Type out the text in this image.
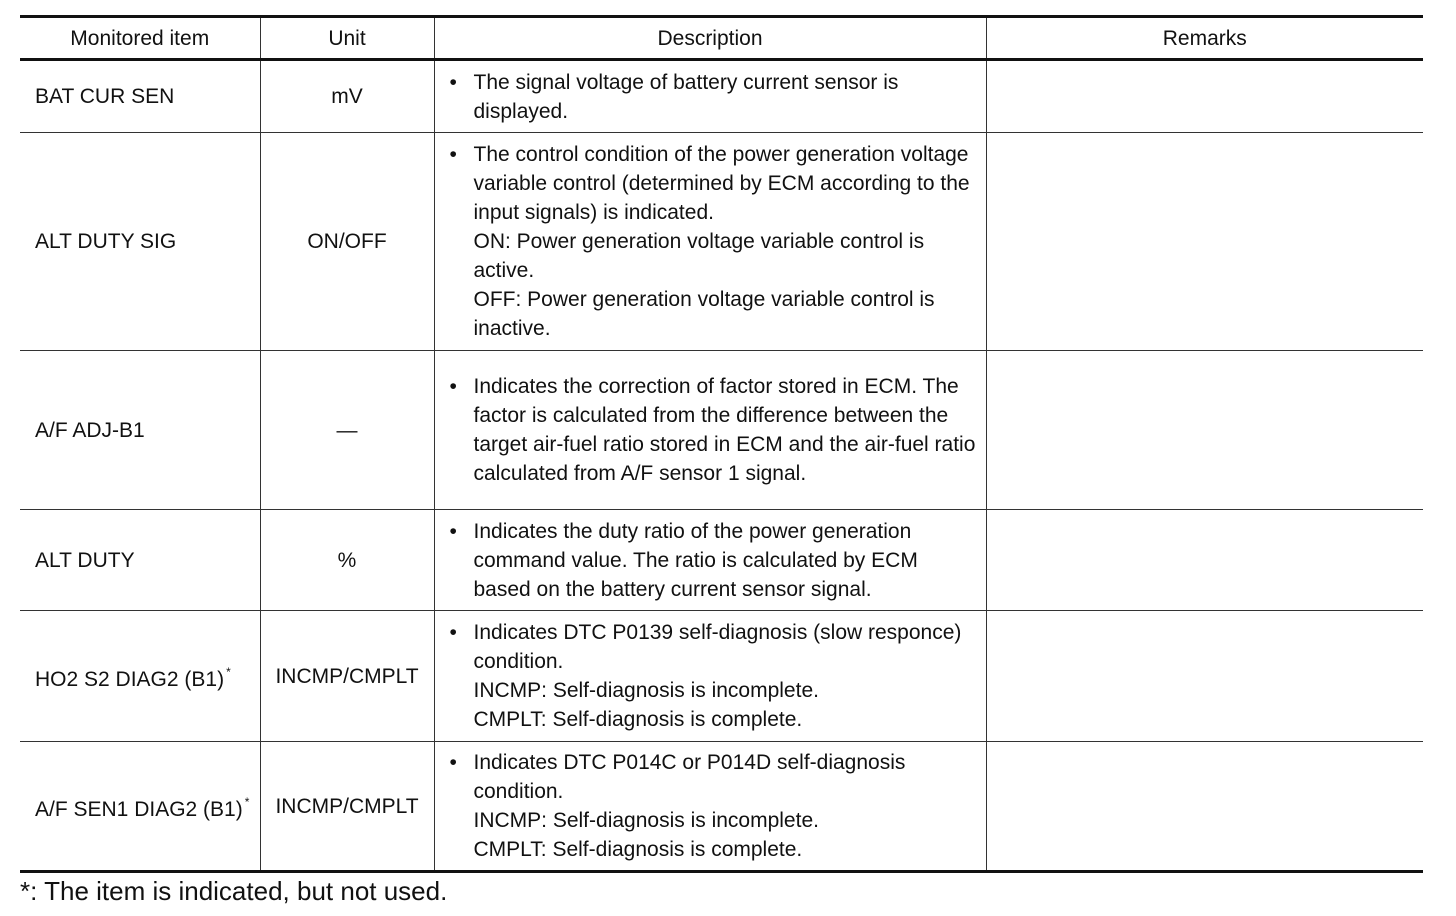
Monitored item	Unit	Description	Remarks
BAT CUR SEN	mV	• The signal voltage of battery current sensor is displayed.

ALT DUTY SIG	ON/OFF	• The control condition of the power generation voltage variable control (determined by ECM according to the input signals) is indicated.
ON: Power generation voltage variable control is active.
OFF: Power generation voltage variable control is inactive.

A/F ADJ-B1	—	• Indicates the correction of factor stored in ECM. The factor is calculated from the difference between the target air-fuel ratio stored in ECM and the air-fuel ratio calculated from A/F sensor 1 signal.

ALT DUTY	%	• Indicates the duty ratio of the power generation command value. The ratio is calculated by ECM based on the battery current sensor signal.

HO2 S2 DIAG2 (B1) *	INCMP/CMPLT	• Indicates DTC P0139 self-diagnosis (slow responce) condition.
INCMP: Self-diagnosis is incomplete.
CMPLT: Self-diagnosis is complete.

A/F SEN1 DIAG2 (B1) *	INCMP/CMPLT	• Indicates DTC P014C or P014D self-diagnosis condition.
INCMP: Self-diagnosis is incomplete.
CMPLT: Self-diagnosis is complete.

*: The item is indicated, but not used.
